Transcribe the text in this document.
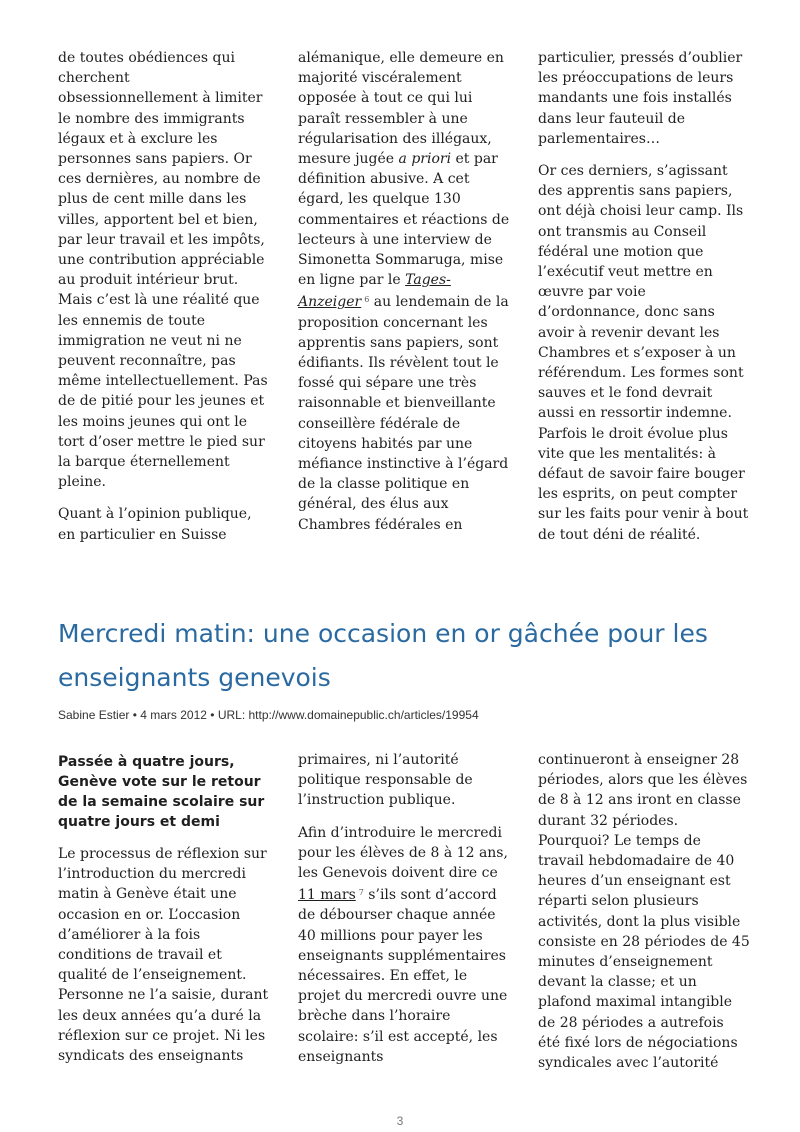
de toutes obédiences qui cherchent obsessionnellement à limiter le nombre des immigrants légaux et à exclure les personnes sans papiers. Or ces dernières, au nombre de plus de cent mille dans les villes, apportent bel et bien, par leur travail et les impôts, une contribution appréciable au produit intérieur brut. Mais c’est là une réalité que les ennemis de toute immigration ne veut ni ne peuvent reconnaître, pas même intellectuellement. Pas de de pitié pour les jeunes et les moins jeunes qui ont le tort d’oser mettre le pied sur la barque éternellement pleine.

Quant à l’opinion publique, en particulier en Suisse

alémanique, elle demeure en majorité viscéralement opposée à tout ce qui lui paraît ressembler à une régularisation des illégaux, mesure jugée a priori et par définition abusive. A cet égard, les quelque 130 commentaires et réactions de lecteurs à une interview de Simonetta Sommaruga, mise en ligne par le Tages-Anzeiger $^6$ au lendemain de la proposition concernant les apprentis sans papiers, sont édifiants. Ils révèlent tout le fossé qui sépare une très raisonnable et bienveillante conseillère fédérale de citoyens habités par une méfiance instinctive à l’égard de la classe politique en général, des élus aux Chambres fédérales en

particulier, pressés d’oublier les préoccupations de leurs mandants une fois installés dans leur fauteuil de parlementaires…

Or ces derniers, s’agissant des apprentis sans papiers, ont déjà choisi leur camp. Ils ont transmis au Conseil fédéral une motion que l’exécutif veut mettre en œuvre par voie d’ordonnance, donc sans avoir à revenir devant les Chambres et s’exposer à un référendum. Les formes sont sauves et le fond devrait aussi en ressortir indemne. Parfois le droit évolue plus vite que les mentalités: à défaut de savoir faire bouger les esprits, on peut compter sur les faits pour venir à bout de tout déni de réalité.

Mercredi matin: une occasion en or gâchée pour les enseignants genevois
Sabine Estier • 4 mars 2012 • URL: http://www.domainepublic.ch/articles/19954

Passée à quatre jours, Genève vote sur le retour de la semaine scolaire sur quatre jours et demi

Le processus de réflexion sur l’introduction du mercredi matin à Genève était une occasion en or. L’occasion d’améliorer à la fois conditions de travail et qualité de l’enseignement. Personne ne l’a saisie, durant les deux années qu’a duré la réflexion sur ce projet. Ni les syndicats des enseignants

primaires, ni l’autorité politique responsable de l’instruction publique.

Afin d’introduire le mercredi pour les élèves de 8 à 12 ans, les Genevois doivent dire ce 11 mars $^7$ s’ils sont d’accord de débourser chaque année 40 millions pour payer les enseignants supplémentaires nécessaires. En effet, le projet du mercredi ouvre une brèche dans l’horaire scolaire: s’il est accepté, les enseignants

continueront à enseigner 28 périodes, alors que les élèves de 8 à 12 ans iront en classe durant 32 périodes. Pourquoi? Le temps de travail hebdomadaire de 40 heures d’un enseignant est réparti selon plusieurs activités, dont la plus visible consiste en 28 périodes de 45 minutes d’enseignement devant la classe; et un plafond maximal intangible de 28 périodes a autrefois été fixé lors de négociations syndicales avec l’autorité

3
